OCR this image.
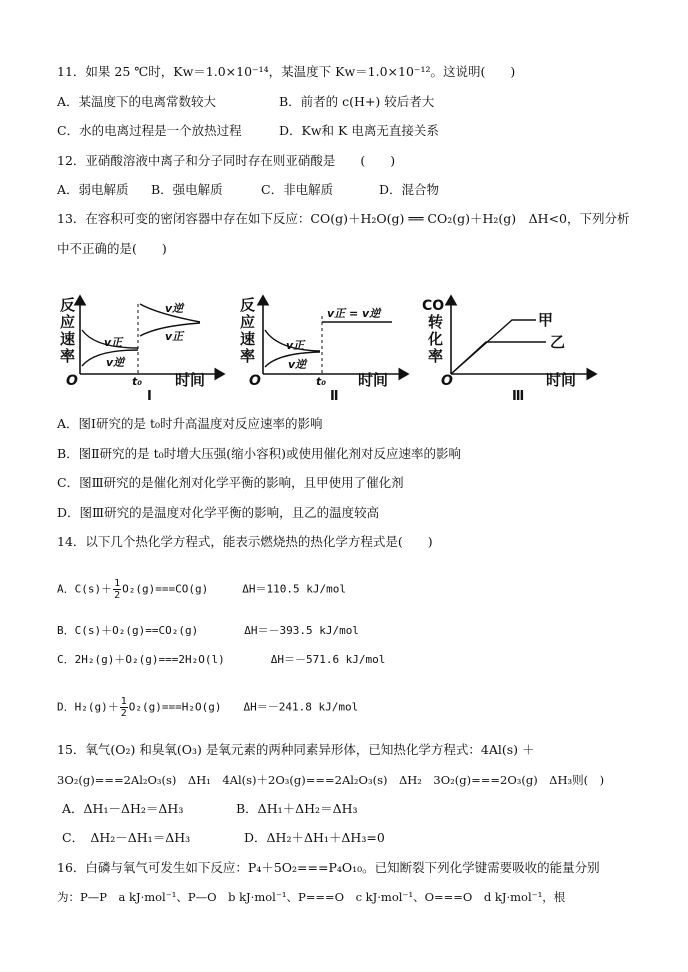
11．如果 25 ℃时，Kw＝1.0×10⁻¹⁴，某温度下 Kw＝1.0×10⁻¹²。这说明(　　)
A．某温度下的电离常数较大	B．前者的 c(H+) 较后者大
C．水的电离过程是一个放热过程	D．Kw和 K 电离无直接关系
12．亚硝酸溶液中离子和分子同时存在则亚硝酸是　　(　　)
A．弱电解质 B．强电解质	C．非电解质	D．混合物
13．在容积可变的密闭容器中存在如下反应：CO(g)＋H₂O(g) ══ CO₂(g)＋H₂(g)　ΔH<0，下列分析
中不正确的是(　　)
反
应
速
率
v正
v逆
v逆
v正
O	t₀ 时间
Ⅰ
反
应
速
率
v正
v逆
v正 = v逆
O	t₀ 时间
Ⅱ
CO
转
化
率
甲
乙
O	时间
Ⅲ
A．图Ⅰ研究的是 t₀时升高温度对反应速率的影响
B．图Ⅱ研究的是 t₀时增大压强(缩小容积)或使用催化剂对反应速率的影响
C．图Ⅲ研究的是催化剂对化学平衡的影响，且甲使用了催化剂
D．图Ⅲ研究的是温度对化学平衡的影响，且乙的温度较高
14．以下几个热化学方程式，能表示燃烧热的热化学方程式是(　　)
A．$C(s)+ \frac{1}{2} O_2(g)===CO(g)$	ΔH＝110.5 kJ/mol
B．C(s)＋O₂(g)==CO₂(g)	ΔH＝－393.5 kJ/mol
C．2H₂(g)＋O₂(g)===2H₂O(l)	ΔH＝－571.6 kJ/mol
D．$H_2(g)+ \frac{1}{2} O_2(g)===H_2O(g)$ ΔH＝－241.8 kJ/mol
15．氧气(O₂) 和臭氧(O₃) 是氧元素的两种同素异形体，已知热化学方程式：4Al(s) ＋
3O₂(g)===2Al₂O₃(s)　ΔH₁　4Al(s)＋2O₃(g)===2Al₂O₃(s)　ΔH₂　3O₂(g)===2O₃(g)　ΔH₃则(　)
A．ΔH₁－ΔH₂＝ΔH₃	B．ΔH₁＋ΔH₂＝ΔH₃
C．　ΔH₂－ΔH₁＝ΔH₃	D．ΔH₂＋ΔH₁＋ΔH₃=0
16．白磷与氧气可发生如下反应：P₄＋5O₂===P₄O₁₀。已知断裂下列化学键需要吸收的能量分别
为：P—P　a kJ·mol⁻¹、P—O　b kJ·mol⁻¹、P===O　c kJ·mol⁻¹、O===O　d kJ·mol⁻¹，根
